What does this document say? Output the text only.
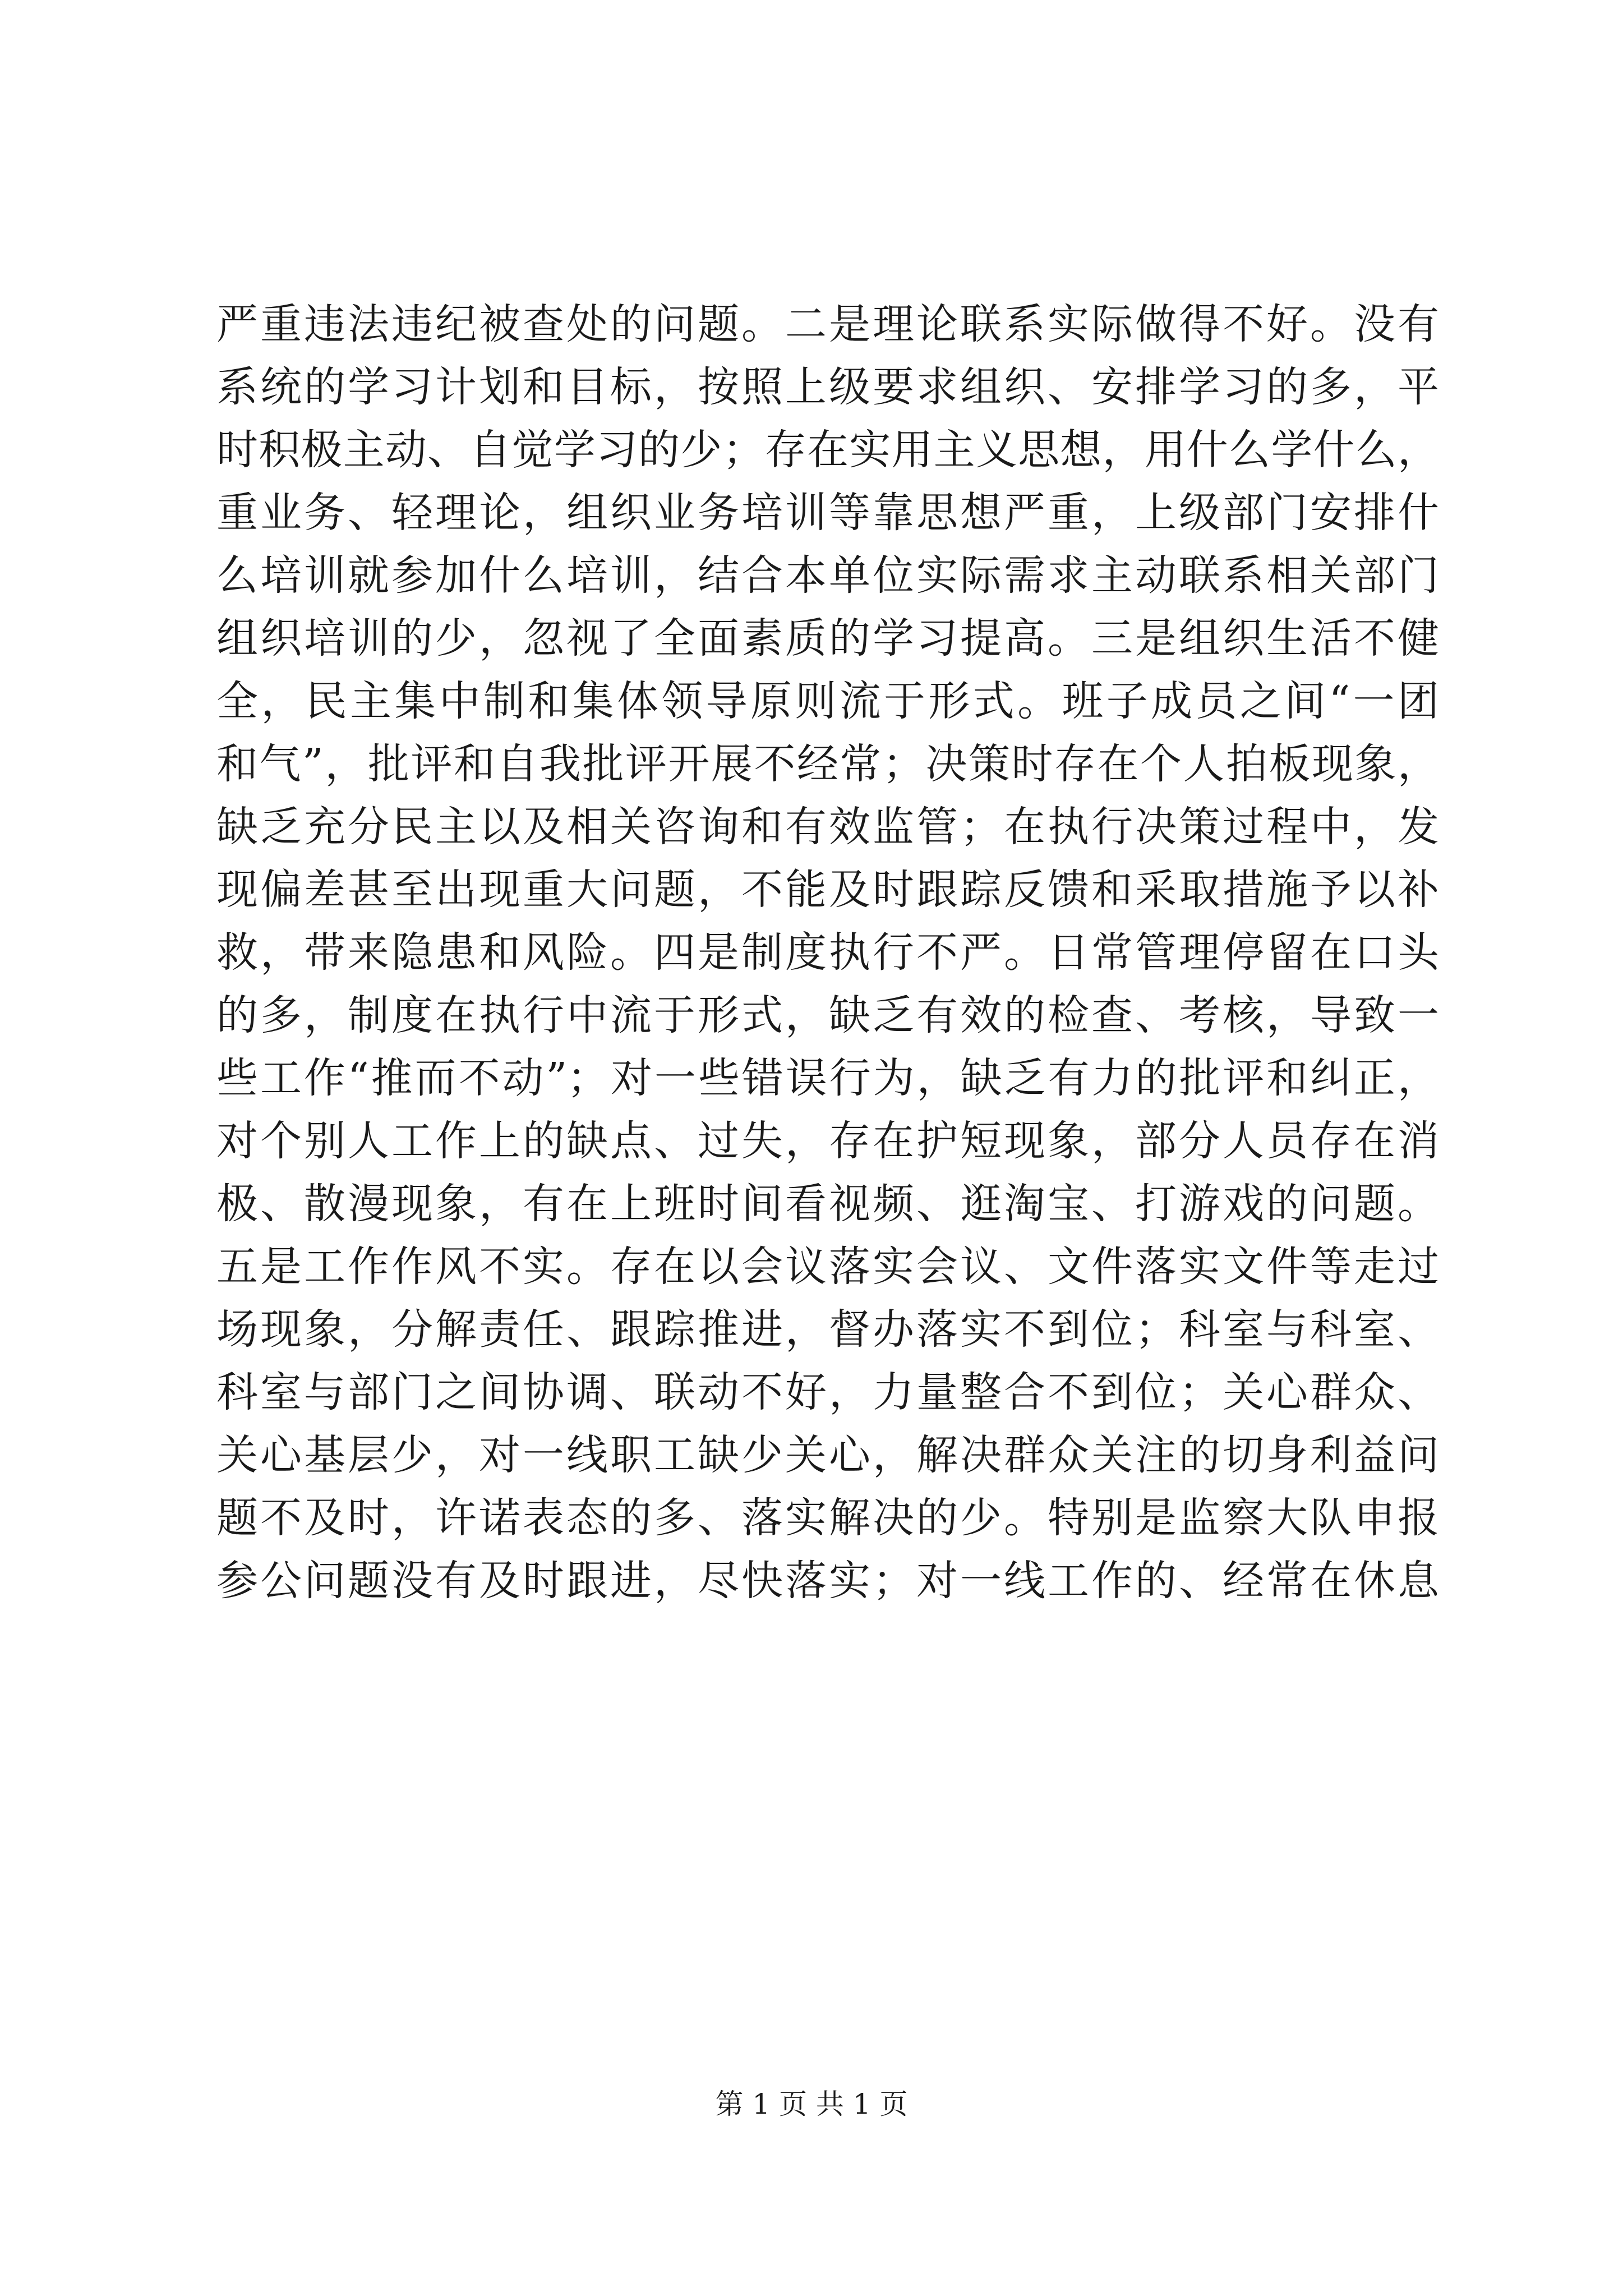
严重违法违纪被查处的问题。二是理论联系实际做得不好。没有
系统的学习计划和目标，按照上级要求组织、安排学习的多，平
时积极主动、自觉学习的少；存在实用主义思想，用什么学什么，
重业务、轻理论，组织业务培训等靠思想严重，上级部门安排什
么培训就参加什么培训，结合本单位实际需求主动联系相关部门
组织培训的少，忽视了全面素质的学习提高。三是组织生活不健
全，民主集中制和集体领导原则流于形式。班子成员之间“一团
和气”，批评和自我批评开展不经常；决策时存在个人拍板现象，
缺乏充分民主以及相关咨询和有效监管；在执行决策过程中，发
现偏差甚至出现重大问题，不能及时跟踪反馈和采取措施予以补
救，带来隐患和风险。四是制度执行不严。日常管理停留在口头
的多，制度在执行中流于形式，缺乏有效的检查、考核，导致一
些工作“推而不动”；对一些错误行为，缺乏有力的批评和纠正，
对个别人工作上的缺点、过失，存在护短现象，部分人员存在消
极、散漫现象，有在上班时间看视频、逛淘宝、打游戏的问题。
五是工作作风不实。存在以会议落实会议、文件落实文件等走过
场现象，分解责任、跟踪推进，督办落实不到位；科室与科室、
科室与部门之间协调、联动不好，力量整合不到位；关心群众、
关心基层少，对一线职工缺少关心，解决群众关注的切身利益问
题不及时，许诺表态的多、落实解决的少。特别是监察大队申报
参公问题没有及时跟进，尽快落实；对一线工作的、经常在休息
第 1 页 共 1 页
